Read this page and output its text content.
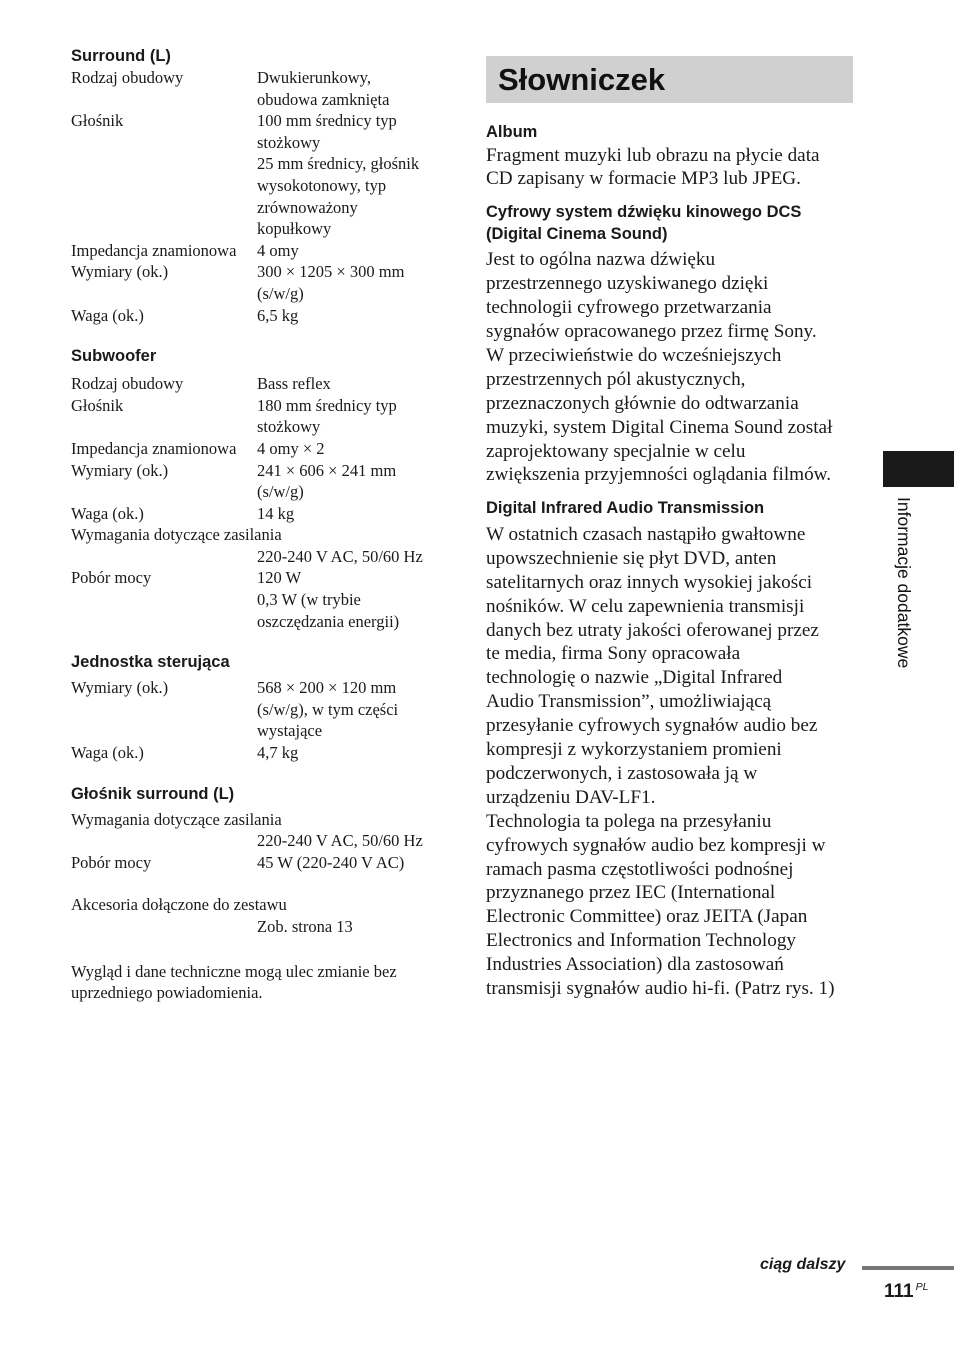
Surround (L)
Rodzaj obudowy	Dwukierunkowy,
obudowa zamknięta
Głośnik	100 mm średnicy typ
stożkowy
25 mm średnicy, głośnik
wysokotonowy, typ
zrównoważony
kopułkowy
Impedancja znamionowa	4 omy
Wymiary (ok.)	300 × 1205 × 300 mm
(s/w/g)
Waga (ok.)	6,5 kg
Subwoofer
Rodzaj obudowy	Bass reflex
Głośnik	180 mm średnicy typ
stożkowy
Impedancja znamionowa	4 omy × 2
Wymiary (ok.)	241 × 606 × 241 mm
(s/w/g)
Waga (ok.)	14 kg
Wymagania dotyczące zasilania
220-240 V AC, 50/60 Hz
Pobór mocy	120 W
0,3 W (w trybie
oszczędzania energii)
Jednostka sterująca
Wymiary (ok.)	568 × 200 × 120 mm
(s/w/g), w tym części
wystające
Waga (ok.)	4,7 kg
Głośnik surround (L)
Wymagania dotyczące zasilania
220-240 V AC, 50/60 Hz
Pobór mocy	45 W (220-240 V AC)
Akcesoria dołączone do zestawu
Zob. strona 13
Wygląd i dane techniczne mogą ulec zmianie bez
uprzedniego powiadomienia.
Słowniczek
Album
Fragment muzyki lub obrazu na płycie data
CD zapisany w formacie MP3 lub JPEG.
Cyfrowy system dźwięku kinowego DCS
(Digital Cinema Sound)
Jest to ogólna nazwa dźwięku
przestrzennego uzyskiwanego dzięki
technologii cyfrowego przetwarzania
sygnałów opracowanego przez firmę Sony.
W przeciwieństwie do wcześniejszych
przestrzennych pól akustycznych,
przeznaczonych głównie do odtwarzania
muzyki, system Digital Cinema Sound został
zaprojektowany specjalnie w celu
zwiększenia przyjemności oglądania filmów.
Digital Infrared Audio Transmission
W ostatnich czasach nastąpiło gwałtowne
upowszechnienie się płyt DVD, anten
satelitarnych oraz innych wysokiej jakości
nośników. W celu zapewnienia transmisji
danych bez utraty jakości oferowanej przez
te media, firma Sony opracowała
technologię o nazwie „Digital Infrared
Audio Transmission”, umożliwiającą
przesyłanie cyfrowych sygnałów audio bez
kompresji z wykorzystaniem promieni
podczerwonych, i zastosowała ją w
urządzeniu DAV-LF1.
Technologia ta polega na przesyłaniu
cyfrowych sygnałów audio bez kompresji w
ramach pasma częstotliwości podnośnej
przyznanego przez IEC (International
Electronic Committee) oraz JEITA (Japan
Electronics and Information Technology
Industries Association) dla zastosowań
transmisji sygnałów audio hi-fi. (Patrz rys. 1)
Informacje dodatkowe
ciąg dalszy
111 $^{PL}$
